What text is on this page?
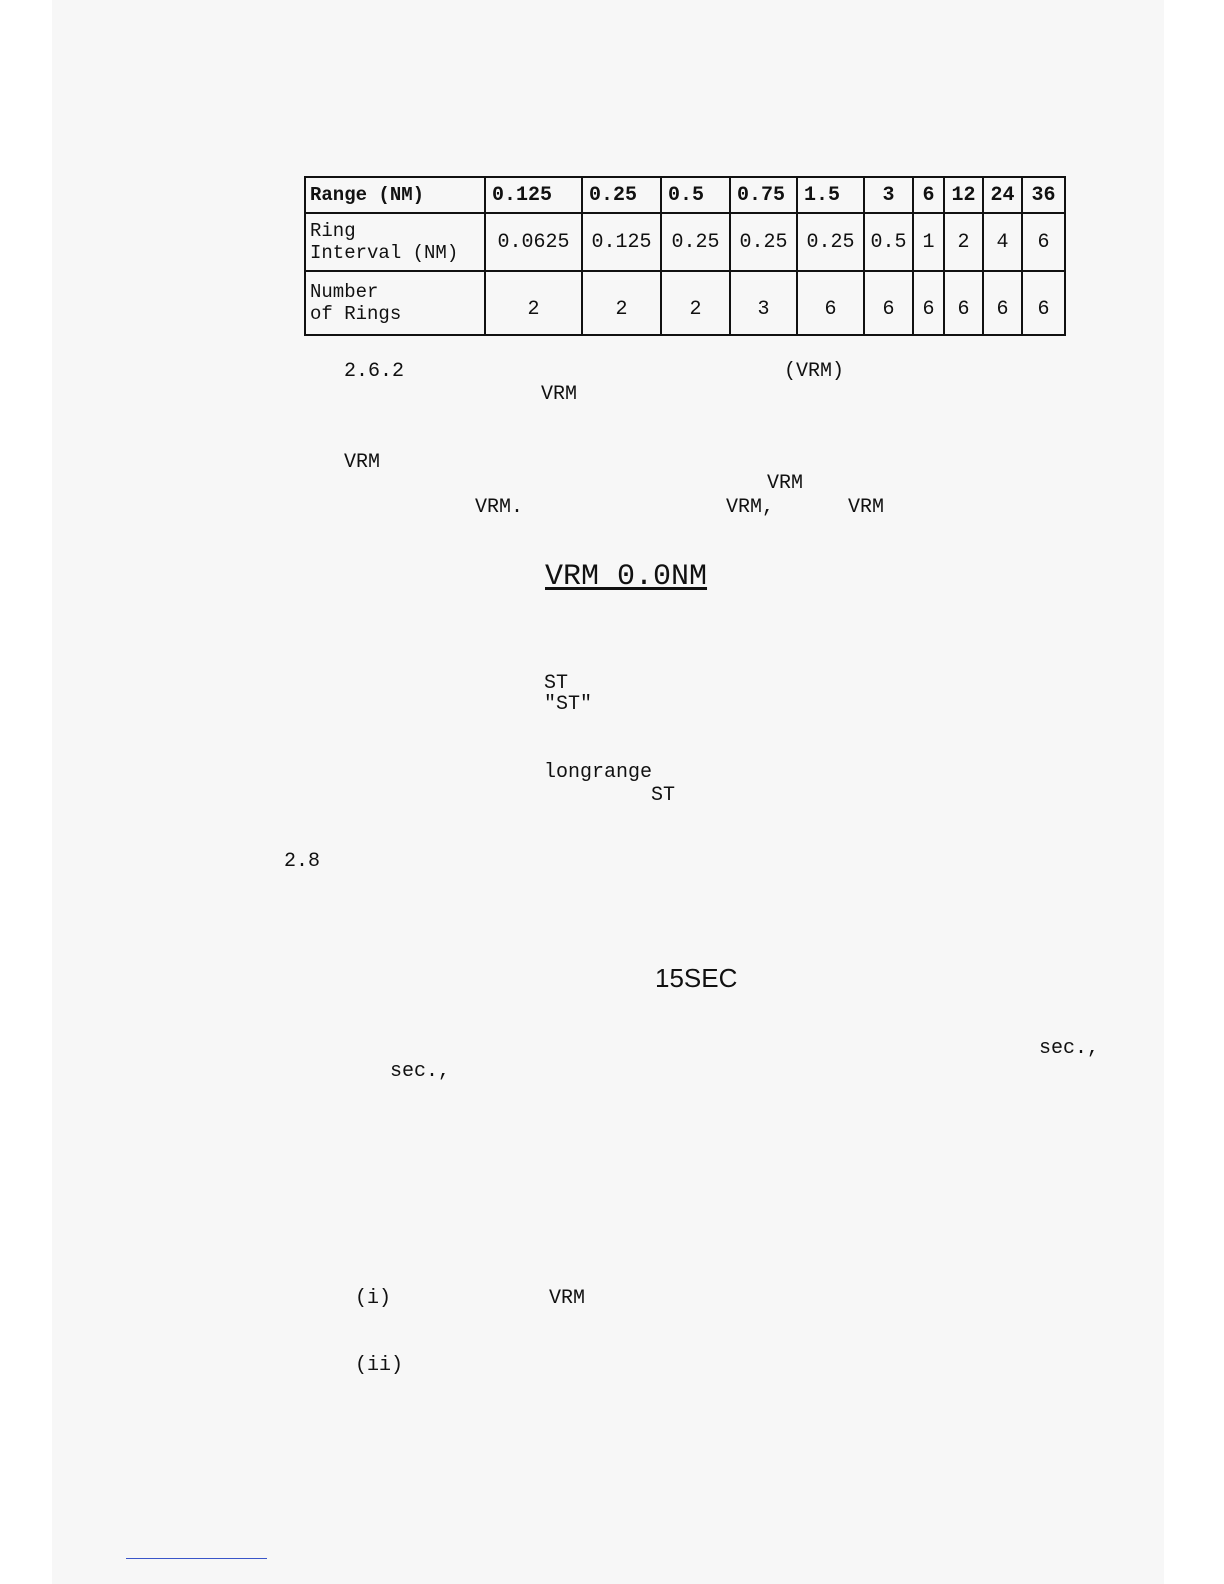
Range (NM)	0.125	0.25	0.5	0.75 1.5	3	6 12 24 36
Ring
Interval (NM)	0.0625	0.125 0.25 0.25 0.25 0.5 1	2	4	6
Number
of Rings	2	2	2	3	6	6	6	6	6	6
2.6.2	(VRM)
VRM
VRM
VRM
VRM.	VRM,	VRM
VRM 0.0NM
ST
"ST"
longrange
ST
2.8
15SEC
sec.,
sec.,
(i)	VRM
(ii)
